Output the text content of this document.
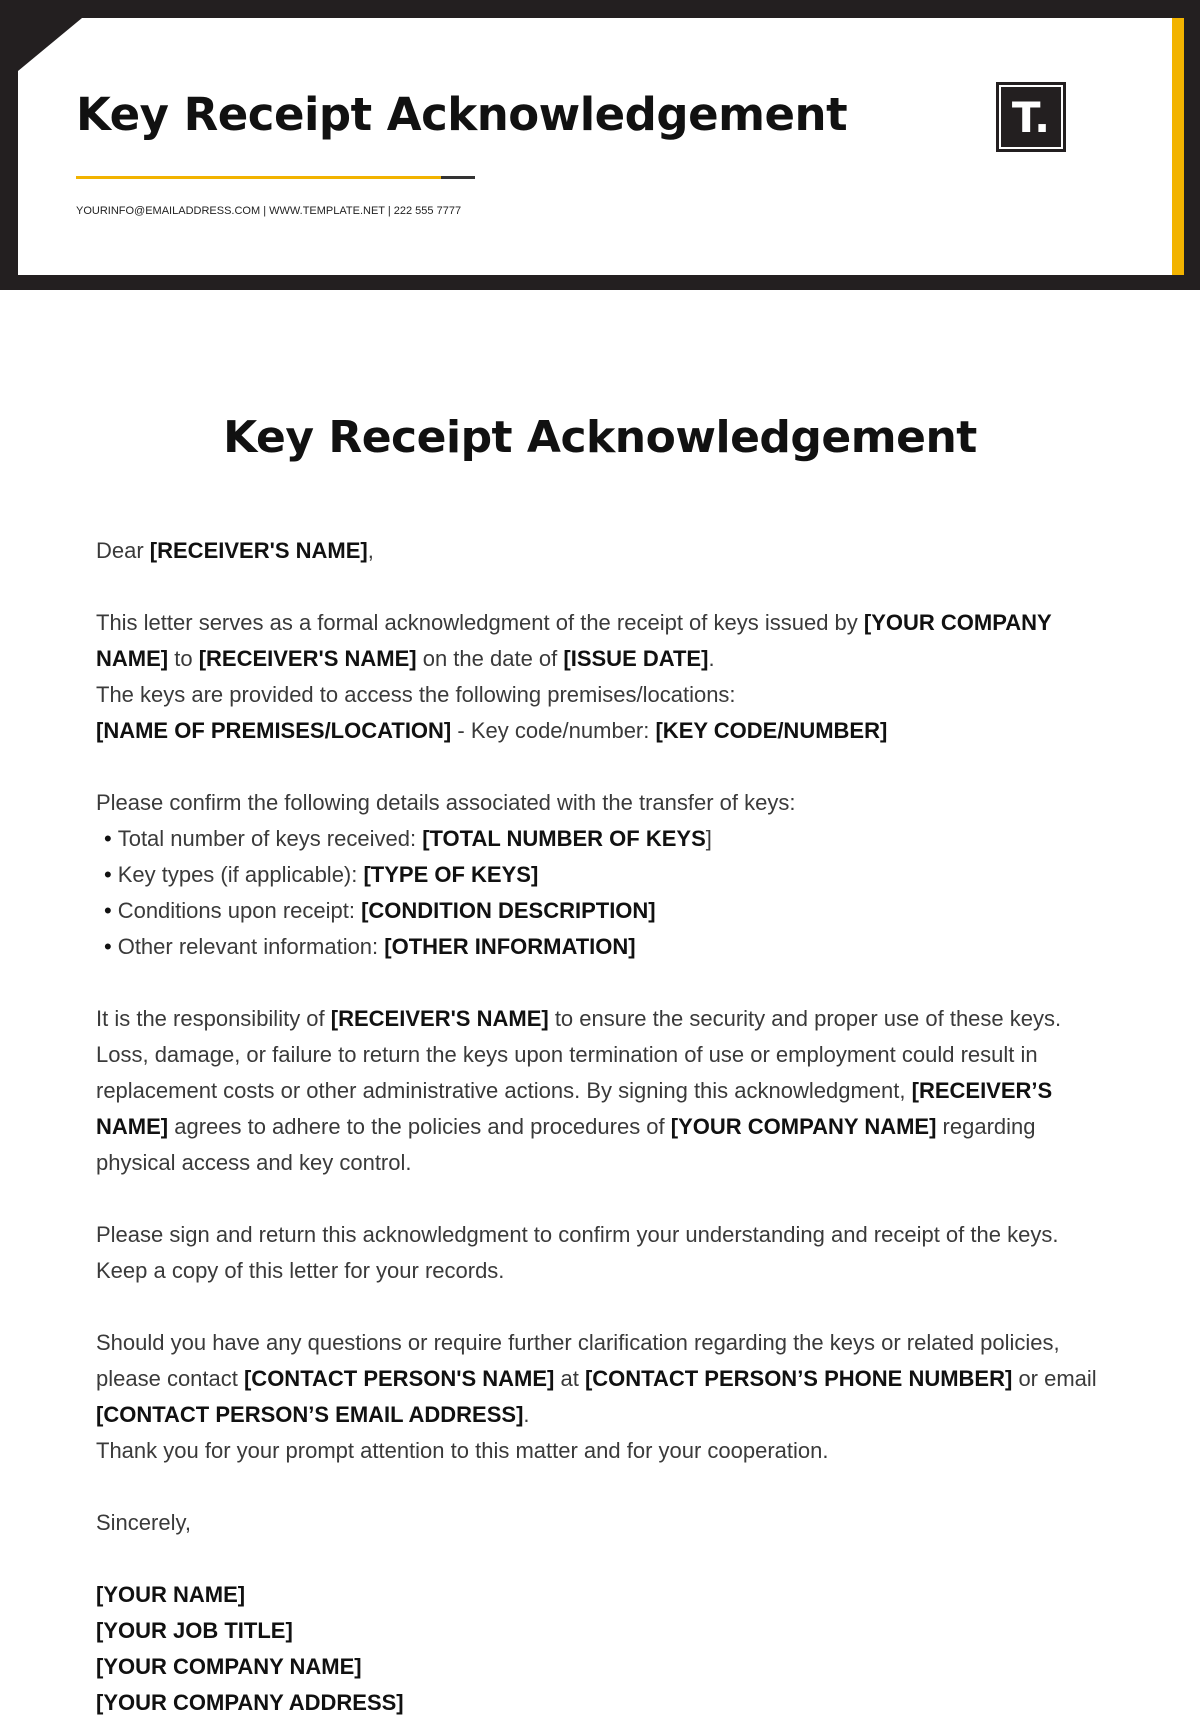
Key Receipt Acknowledgement
YOURINFO@EMAILADDRESS.COM | WWW.TEMPLATE.NET | 222 555 7777
T.
Key Receipt Acknowledgement

Dear [RECEIVER'S NAME],

This letter serves as a formal acknowledgment of the receipt of keys issued by [YOUR COMPANY NAME] to [RECEIVER'S NAME] on the date of [ISSUE DATE].
The keys are provided to access the following premises/locations:
[NAME OF PREMISES/LOCATION] - Key code/number: [KEY CODE/NUMBER]

Please confirm the following details associated with the transfer of keys:
• Total number of keys received: [TOTAL NUMBER OF KEYS]
• Key types (if applicable): [TYPE OF KEYS]
• Conditions upon receipt: [CONDITION DESCRIPTION]
• Other relevant information: [OTHER INFORMATION]

It is the responsibility of [RECEIVER'S NAME] to ensure the security and proper use of these keys. Loss, damage, or failure to return the keys upon termination of use or employment could result in replacement costs or other administrative actions. By signing this acknowledgment, [RECEIVER’S NAME] agrees to adhere to the policies and procedures of [YOUR COMPANY NAME] regarding physical access and key control.

Please sign and return this acknowledgment to confirm your understanding and receipt of the keys. Keep a copy of this letter for your records.

Should you have any questions or require further clarification regarding the keys or related policies, please contact [CONTACT PERSON'S NAME] at [CONTACT PERSON’S PHONE NUMBER] or email [CONTACT PERSON’S EMAIL ADDRESS].
Thank you for your prompt attention to this matter and for your cooperation.

Sincerely,

[YOUR NAME]
[YOUR JOB TITLE]
[YOUR COMPANY NAME]
[YOUR COMPANY ADDRESS]
